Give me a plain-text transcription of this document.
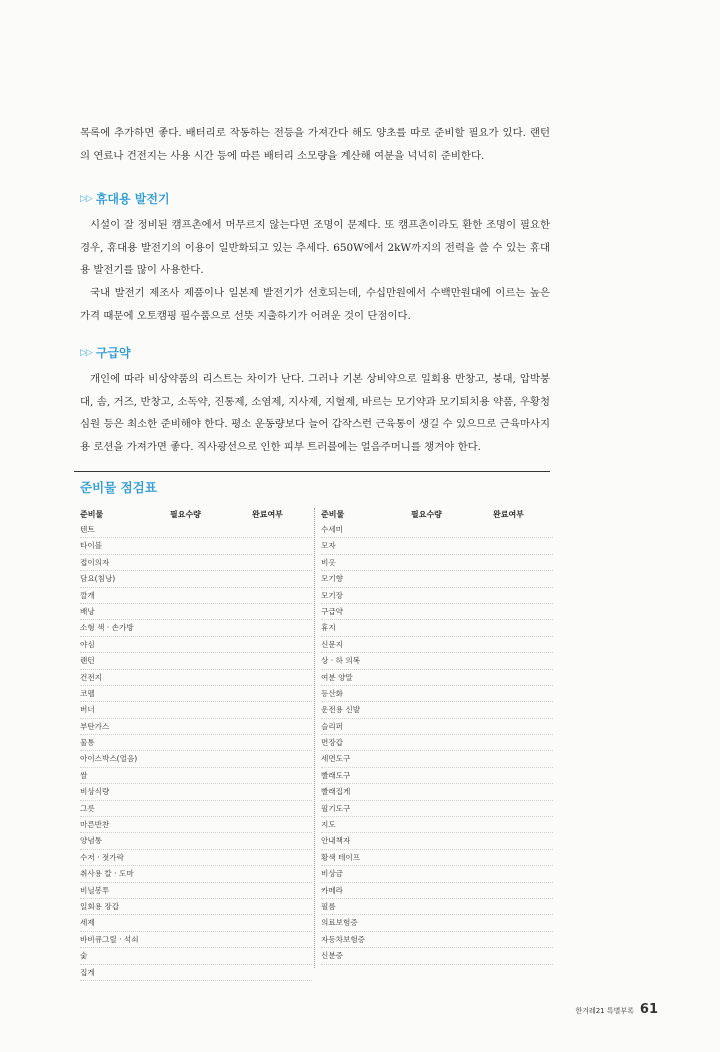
목록에 추가하면 좋다. 배터리로 작동하는 전등을 가져간다 해도 양초를 따로 준비할 필요가 있다. 랜턴의 연료나 건전지는 사용 시간 등에 따른 배터리 소모량을 계산해 여분을 넉넉히 준비한다.

▷▷ 휴대용 발전기

시설이 잘 정비된 캠프촌에서 머무르지 않는다면 조명이 문제다. 또 캠프촌이라도 환한 조명이 필요한 경우, 휴대용 발전기의 이용이 일반화되고 있는 추세다. 650W에서 2kW까지의 전력을 쓸 수 있는 휴대용 발전기를 많이 사용한다.

국내 발전기 제조사 제품이나 일본제 발전기가 선호되는데, 수십만원에서 수백만원대에 이르는 높은 가격 때문에 오토캠핑 필수품으로 선뜻 지출하기가 어려운 것이 단점이다.

▷▷ 구급약

개인에 따라 비상약품의 리스트는 차이가 난다. 그러나 기본 상비약으로 일회용 반창고, 붕대, 압박붕대, 솜, 거즈, 반창고, 소독약, 진통제, 소염제, 지사제, 지혈제, 바르는 모기약과 모기퇴치용 약품, 우황청심원 등은 최소한 준비해야 한다. 평소 운동량보다 늘어 갑작스런 근육통이 생길 수 있으므로 근육마사지용 로션을 가져가면 좋다. 직사광선으로 인한 피부 트러블에는 얼음주머니를 챙겨야 한다.

준비물 점검표
준비물	필요수량	완료여부
텐트
타이블
접이의자
담요(침낭)
깔개
배낭
소형 색 · 손가방
야심
랜턴
건전지
코펠
버너
부탄가스
물통
아이스박스(얼음)
쌀
비상식량
그릇
마른반찬
양념통
수저 · 젓가락
취사용 칼 · 도마
비닐봉투
일회용 장갑
세제
바비큐그릴 · 석쇠
숯
집게
준비물	필요수량	완료여부
수세미
모자
비옷
모기향
모기장
구급약
휴지
신문지
상 · 하 의복
여분 양말
등산화
운전용 신발
슬리퍼
면장갑
세면도구
빨래도구
빨래집게
필기도구
지도
안내책자
황색 테이프
비상금
카메라
필름
의료보험증
자동차보험증
신분증
한겨레21 특별부록 61
